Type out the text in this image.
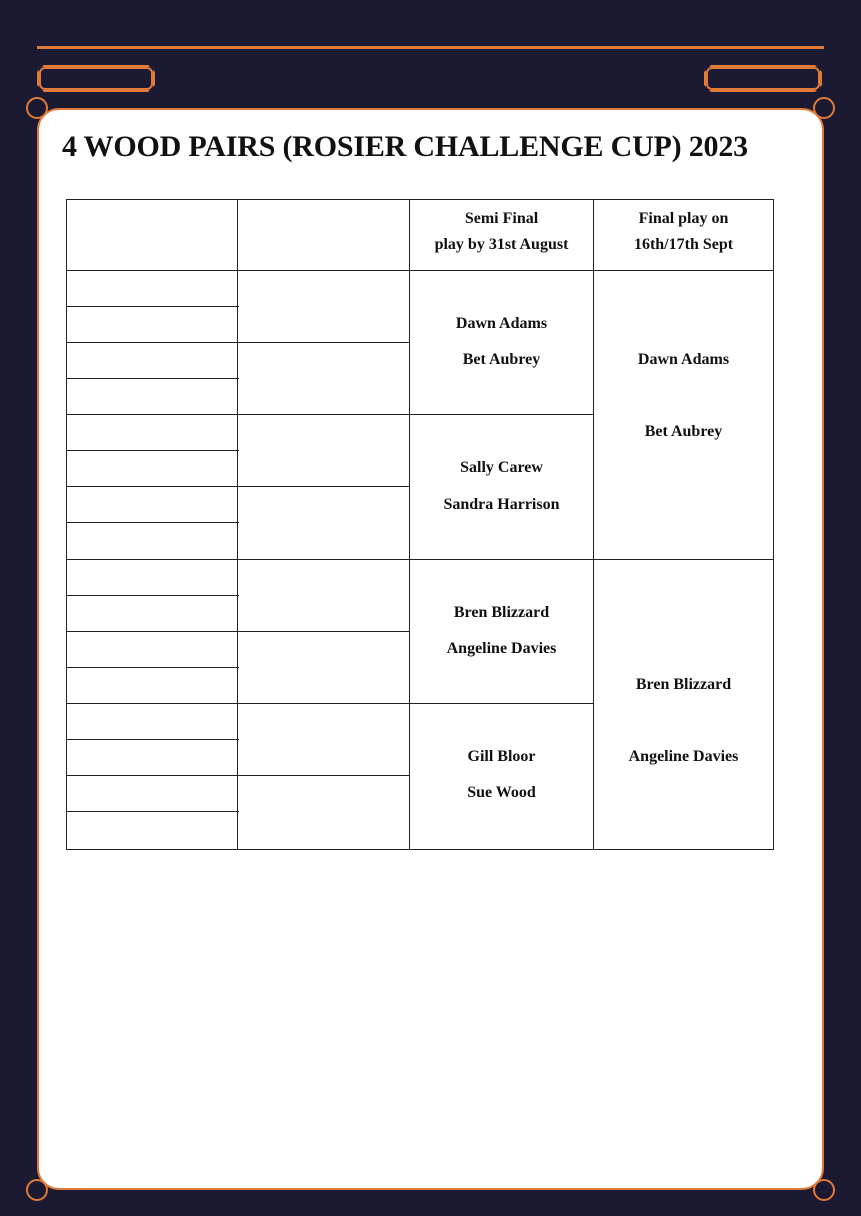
4 WOOD PAIRS (ROSIER CHALLENGE CUP) 2023
Semi Final
play by 31st August
Final play on
16th/17th Sept
Dawn Adams
Bet Aubrey
Sally Carew
Sandra Harrison
Bren Blizzard
Angeline Davies
Gill Bloor
Sue Wood
Dawn Adams
Bet Aubrey
Bren Blizzard
Angeline Davies
